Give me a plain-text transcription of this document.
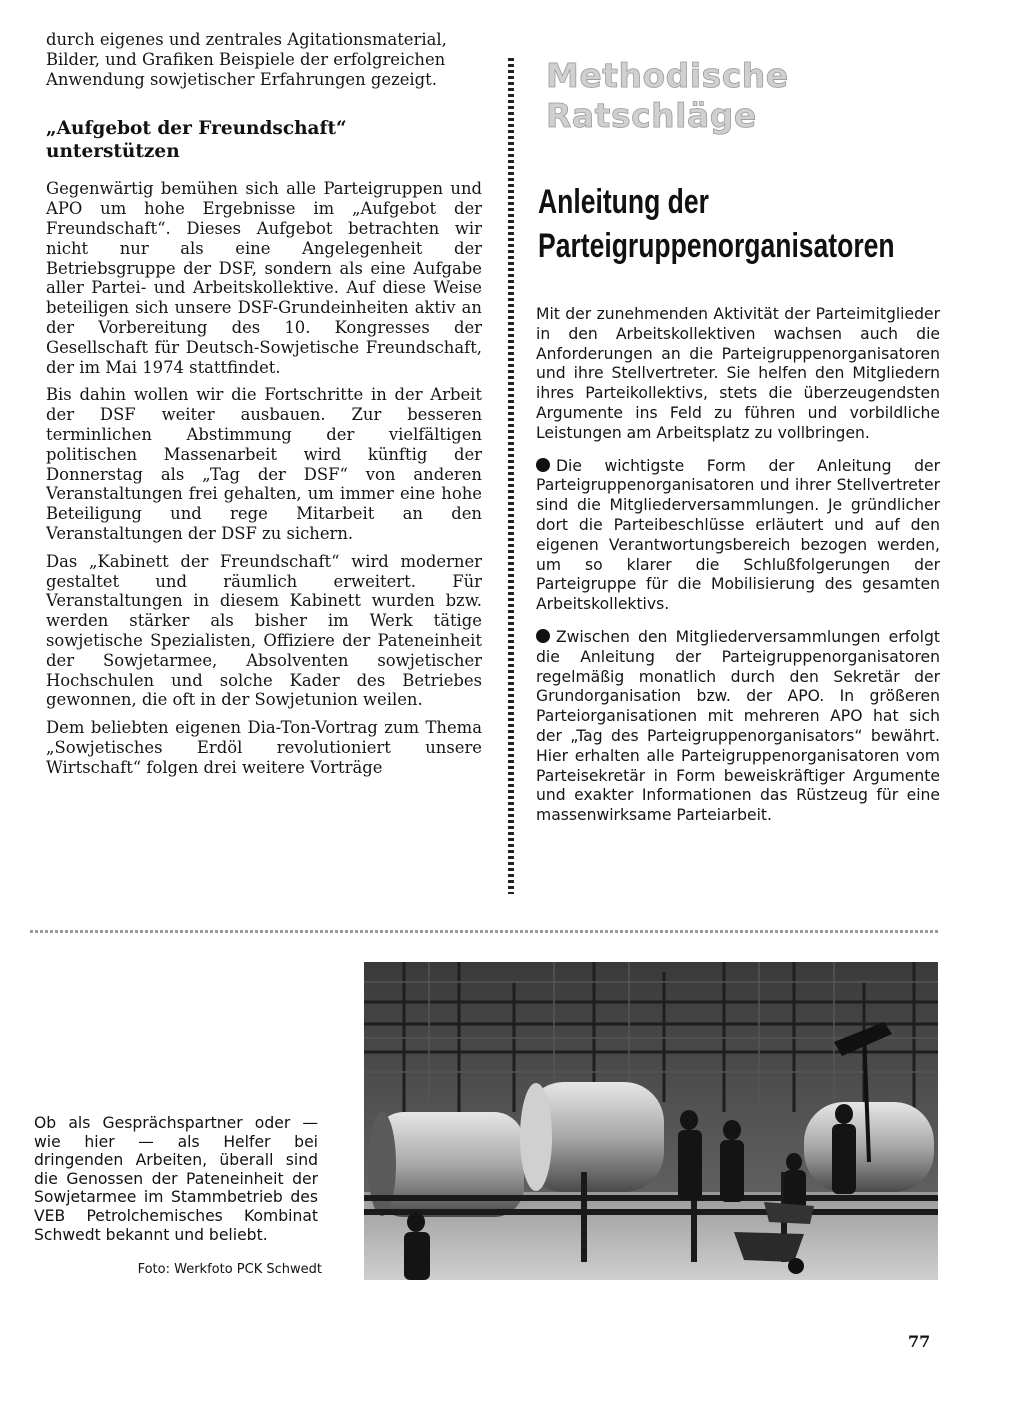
durch eigenes und zentrales Agitationsmaterial, Bilder, und Grafiken Beispiele der erfolgreichen Anwendung sowjetischer Erfahrungen gezeigt.

„Aufgebot der Freundschaft“
unterstützen

Gegenwärtig bemühen sich alle Parteigruppen und APO um hohe Ergebnisse im „Aufgebot der Freundschaft“. Dieses Aufgebot betrachten wir nicht nur als eine Angelegenheit der Betriebsgruppe der DSF, sondern als eine Aufgabe aller Partei- und Arbeitskollektive. Auf diese Weise beteiligen sich unsere DSF-Grundeinheiten aktiv an der Vorbereitung des 10. Kongresses der Gesellschaft für Deutsch-Sowjetische Freundschaft, der im Mai 1974 stattfindet.

Bis dahin wollen wir die Fortschritte in der Arbeit der DSF weiter ausbauen. Zur besseren terminlichen Abstimmung der vielfältigen politischen Massenarbeit wird künftig der Donnerstag als „Tag der DSF“ von anderen Veranstaltungen frei gehalten, um immer eine hohe Beteiligung und rege Mitarbeit an den Veranstaltungen der DSF zu sichern.

Das „Kabinett der Freundschaft“ wird moderner gestaltet und räumlich erweitert. Für Veranstaltungen in diesem Kabinett wurden bzw. werden stärker als bisher im Werk tätige sowjetische Spezialisten, Offiziere der Pateneinheit der Sowjetarmee, Absolventen sowjetischer Hochschulen und solche Kader des Betriebes gewonnen, die oft in der Sowjetunion weilen.

Dem beliebten eigenen Dia-Ton-Vortrag zum Thema „Sowjetisches Erdöl revolutioniert unsere Wirtschaft“ folgen drei weitere Vorträge

Methodische Ratschläge
Anleitung der
Parteigruppenorganisatoren

Mit der zunehmenden Aktivität der Parteimitglieder in den Arbeitskollektiven wachsen auch die Anforderungen an die Parteigruppenorganisatoren und ihre Stellvertreter. Sie helfen den Mitgliedern ihres Parteikollektivs, stets die überzeugendsten Argumente ins Feld zu führen und vorbildliche Leistungen am Arbeitsplatz zu vollbringen.

Die wichtigste Form der Anleitung der Parteigruppenorganisatoren und ihrer Stellvertreter sind die Mitgliederversammlungen. Je gründlicher dort die Parteibeschlüsse erläutert und auf den eigenen Verantwortungsbereich bezogen werden, um so klarer die Schlußfolgerungen der Parteigruppe für die Mobilisierung des gesamten Arbeitskollektivs.

Zwischen den Mitgliederversammlungen erfolgt die Anleitung der Parteigruppenorganisatoren regelmäßig monatlich durch den Sekretär der Grundorganisation bzw. der APO. In größeren Parteiorganisationen mit mehreren APO hat sich der „Tag des Parteigruppenorganisators“ bewährt. Hier erhalten alle Parteigruppenorganisatoren vom Parteisekretär in Form beweiskräftiger Argumente und exakter Informationen das Rüstzeug für eine massenwirksame Parteiarbeit.

Ob als Gesprächspartner oder — wie hier — als Helfer bei dringenden Arbeiten, überall sind die Genossen der Pateneinheit der Sowjetarmee im Stammbetrieb des VEB Petrolchemisches Kombinat Schwedt bekannt und beliebt.
Foto: Werkfoto PCK Schwedt
77
